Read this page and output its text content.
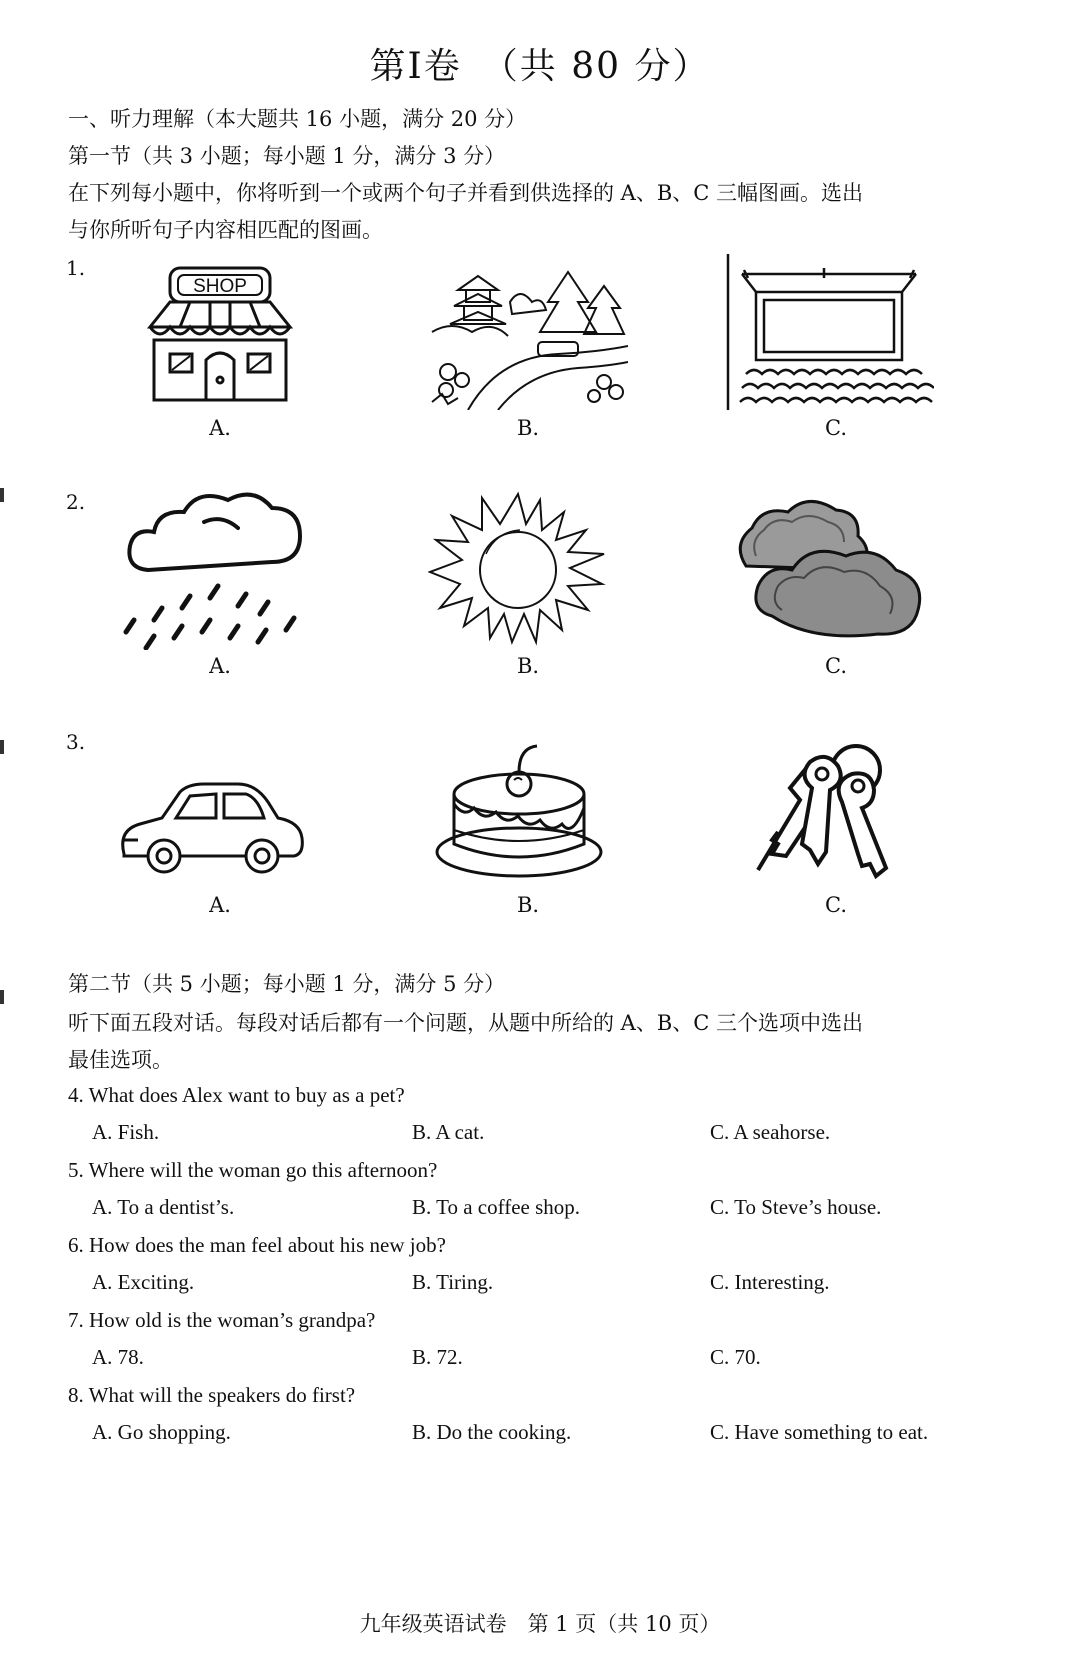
第Ⅰ卷　（共 80 分）
一、听力理解（本大题共 16 小题，满分 20 分）
第一节（共 3 小题；每小题 1 分，满分 3 分）
在下列每小题中，你将听到一个或两个句子并看到供选择的 A、B、C 三幅图画。选出
与你所听句子内容相匹配的图画。
1.
SHOP
A.	B.	C.
2.
A.	B.	C.
3.
A.	B.	C.
第二节（共 5 小题；每小题 1 分，满分 5 分）
听下面五段对话。每段对话后都有一个问题，从题中所给的 A、B、C 三个选项中选出
最佳选项。
4. What does Alex want to buy as a pet?
A. Fish.	B. A cat.	C. A seahorse.
5. Where will the woman go this afternoon?
A. To a dentist’s.	B. To a coffee shop.	C. To Steve’s house.
6. How does the man feel about his new job?
A. Exciting.	B. Tiring.	C. Interesting.
7. How old is the woman’s grandpa?
A. 78.	B. 72.	C. 70.
8. What will the speakers do first?
A. Go shopping.	B. Do the cooking.	C. Have something to eat.
九年级英语试卷　第 1 页（共 10 页）
